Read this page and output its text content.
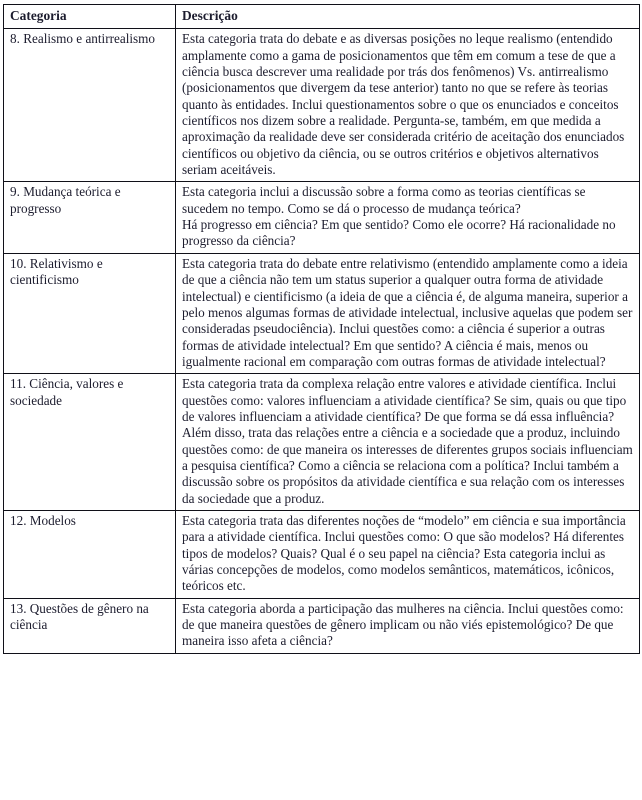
Categoria	Descrição
8. Realismo e antirrealismo	Esta categoria trata do debate e as diversas posições no leque realismo (entendido amplamente como a gama de posicionamentos que têm em comum a tese de que a ciência busca descrever uma realidade por trás dos fenômenos) Vs. antirrealismo (posicionamentos que divergem da tese anterior) tanto no que se refere às teorias quanto às entidades. Inclui questionamentos sobre o que os enunciados e conceitos científicos nos dizem sobre a realidade. Pergunta-se, também, em que medida a aproximação da realidade deve ser considerada critério de aceitação dos enunciados científicos ou objetivo da ciência, ou se outros critérios e objetivos alternativos seriam aceitáveis.

9. Mudança teórica e progresso	Esta categoria inclui a discussão sobre a forma como as teorias científicas se sucedem no tempo. Como se dá o processo de mudança teórica?

Há progresso em ciência? Em que sentido? Como ele ocorre? Há racionalidade no progresso da ciência?

10. Relativismo e cientificismo	Esta categoria trata do debate entre relativismo (entendido amplamente como a ideia de que a ciência não tem um status superior a qualquer outra forma de atividade intelectual) e cientificismo (a ideia de que a ciência é, de alguma maneira, superior a pelo menos algumas formas de atividade intelectual, inclusive aquelas que podem ser consideradas pseudociência). Inclui questões como: a ciência é superior a outras formas de atividade intelectual? Em que sentido? A ciência é mais, menos ou igualmente racional em comparação com outras formas de atividade intelectual?

11. Ciência, valores e sociedade	Esta categoria trata da complexa relação entre valores e atividade científica. Inclui questões como: valores influenciam a atividade científica? Se sim, quais ou que tipo de valores influenciam a atividade científica? De que forma se dá essa influência? Além disso, trata das relações entre a ciência e a sociedade que a produz, incluindo questões como: de que maneira os interesses de diferentes grupos sociais influenciam a pesquisa científica? Como a ciência se relaciona com a política? Inclui também a discussão sobre os propósitos da atividade científica e sua relação com os interesses da sociedade que a produz.

12. Modelos	Esta categoria trata das diferentes noções de “modelo” em ciência e sua importância para a atividade científica. Inclui questões como: O que são modelos? Há diferentes tipos de modelos? Quais? Qual é o seu papel na ciência? Esta categoria inclui as várias concepções de modelos, como modelos semânticos, matemáticos, icônicos, teóricos etc.

13. Questões de gênero na ciência	Esta categoria aborda a participação das mulheres na ciência. Inclui questões como: de que maneira questões de gênero implicam ou não viés epistemológico? De que maneira isso afeta a ciência?
